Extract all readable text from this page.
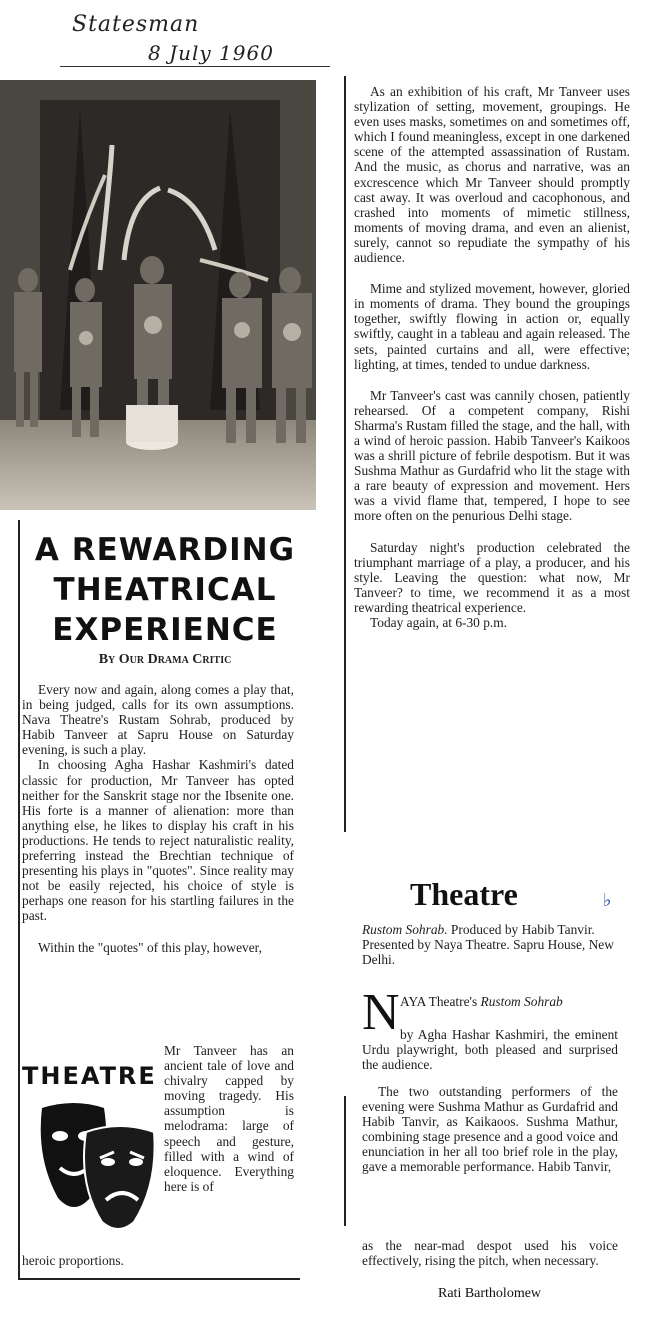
Statesman
8 July 1960
A REWARDING
THEATRICAL
EXPERIENCE
By Our Drama Critic

Every now and again, along comes a play that, in being judged, calls for its own assumptions. Nava Theatre's Rustam Sohrab, produced by Habib Tanveer at Sapru House on Saturday evening, is such a play.

In choosing Agha Hashar Kashmiri's dated classic for production, Mr Tanveer has opted neither for the Sanskrit stage nor the Ibsenite one. His forte is a manner of alienation: more than anything else, he likes to display his craft in his productions. He tends to reject naturalistic reality, preferring instead the Brechtian technique of presenting his plays in "quotes". Since reality may not be easily rejected, his choice of style is perhaps one reason for his startling failures in the past.

Within the "quotes" of this play, however,

THEATRE
Mr Tanveer has an ancient tale of love and chivalry capped by moving tragedy. His assumption is melodrama: large of speech and gesture, filled with a wind of eloquence. Everything here is of
heroic proportions.

As an exhibition of his craft, Mr Tanveer uses stylization of setting, movement, groupings. He even uses masks, sometimes on and sometimes off, which I found meaningless, except in one darkened scene of the attempted assassination of Rustam. And the music, as chorus and narrative, was an excrescence which Mr Tanveer should promptly cast away. It was overloud and cacophonous, and crashed into moments of mimetic stillness, moments of moving drama, and even an alienist, surely, cannot so repudiate the sympathy of his audience.

Mime and stylized movement, however, gloried in moments of drama. They bound the groupings together, swiftly flowing in action or, equally swiftly, caught in a tableau and again released. The sets, painted curtains and all, were effective; lighting, at times, tended to undue darkness.

Mr Tanveer's cast was cannily chosen, patiently rehearsed. Of a competent company, Rishi Sharma's Rustam filled the stage, and the hall, with a wind of heroic passion. Habib Tanveer's Kaikoos was a shrill picture of febrile despotism. But it was Sushma Mathur as Gurdafrid who lit the stage with a rare beauty of expression and movement. Hers was a vivid flame that, tempered, I hope to see more often on the penurious Delhi stage.

Saturday night's production celebrated the triumphant marriage of a play, a producer, and his style. Leaving the question: what now, Mr Tanveer? to time, we recommend it as a most rewarding theatrical experience.

Today again, at 6-30 p.m.

Theatre	♭
Rustom Sohrab. Produced by Habib Tanvir. Presented by Naya Theatre. Sapru House, New Delhi.
N AYA Theatre's Rustom Sohrab
by Agha Hashar Kashmiri, the eminent Urdu playwright, both pleased and surprised the audience.
The two outstanding performers of the evening were Sushma Mathur as Gurdafrid and Habib Tanvir, as Kaikaoos. Sushma Mathur, combining stage presence and a good voice and enunciation in her all too brief role in the play, gave a memorable performance. Habib Tanvir,
as the near-mad despot used his voice effectively, rising the pitch, when necessary.
Rati Bartholomew
